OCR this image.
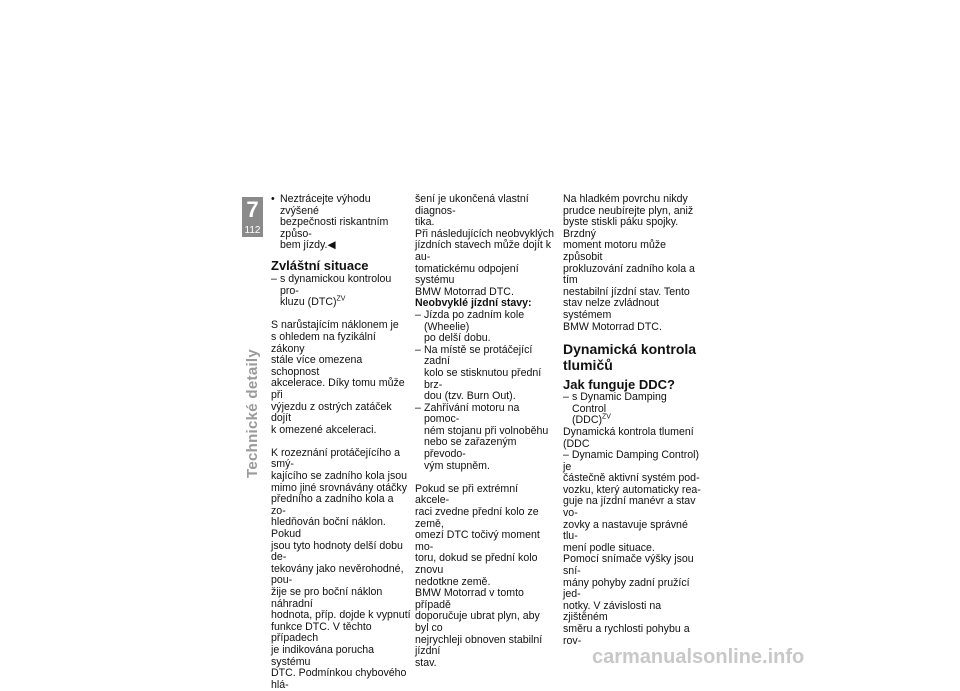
7
112
Technické detaily
• Neztrácejte výhodu zvýšené
bezpečnosti riskantním způso-
bem jízdy.◀
Zvláštní situace
– s dynamickou kontrolou pro-
kluzu (DTC)$^{ZV}$
S narůstajícím náklonem je
s ohledem na fyzikální zákony
stále více omezena schopnost
akcelerace. Díky tomu může při
výjezdu z ostrých zatáček dojít
k omezené akceleraci.
K rozeznání protáčejícího a smý-
kajícího se zadního kola jsou
mimo jiné srovnávány otáčky
předního a zadního kola a zo-
hledňován boční náklon. Pokud
jsou tyto hodnoty delší dobu de-
tekovány jako nevěrohodné, pou-
žije se pro boční náklon náhradní
hodnota, příp. dojde k vypnutí
funkce DTC. V těchto případech
je indikována porucha systému
DTC. Podmínkou chybového hlá-
šení je ukončená vlastní diagnos-
tika.
Při následujících neobvyklých
jízdních stavech může dojít k au-
tomatickému odpojení systému
BMW Motorrad DTC.
Neobvyklé jízdní stavy:
– Jízda po zadním kole (Wheelie)
po delší dobu.
– Na místě se protáčející zadní
kolo se stisknutou přední brz-
dou (tzv. Burn Out).
– Zahřívání motoru na pomoc-
ném stojanu při volnoběhu
nebo se zařazeným převodo-
vým stupněm.
Pokud se při extrémní akcele-
raci zvedne přední kolo ze země,
omezí DTC točivý moment mo-
toru, dokud se přední kolo znovu
nedotkne země.
BMW Motorrad v tomto případě
doporučuje ubrat plyn, aby byl co
nejrychleji obnoven stabilní jízdní
stav.
Na hladkém povrchu nikdy
prudce neubírejte plyn, aniž
byste stiskli páku spojky. Brzdný
moment motoru může způsobit
prokluzování zadního kola a tím
nestabilní jízdní stav. Tento
stav nelze zvládnout systémem
BMW Motorrad DTC.
Dynamická kontrola
tlumičů
Jak funguje DDC?
– s Dynamic Damping Control
(DDC)$^{ZV}$
Dynamická kontrola tlumení (DDC
– Dynamic Damping Control) je
částečně aktivní systém pod-
vozku, který automaticky rea-
guje na jízdní manévr a stav vo-
zovky a nastavuje správné tlu-
mení podle situace.
Pomocí snímače výšky jsou sní-
mány pohyby zadní pružící jed-
notky. V závislosti na zjištěném
směru a rychlosti pohybu a rov-
carmanualsonline.info
